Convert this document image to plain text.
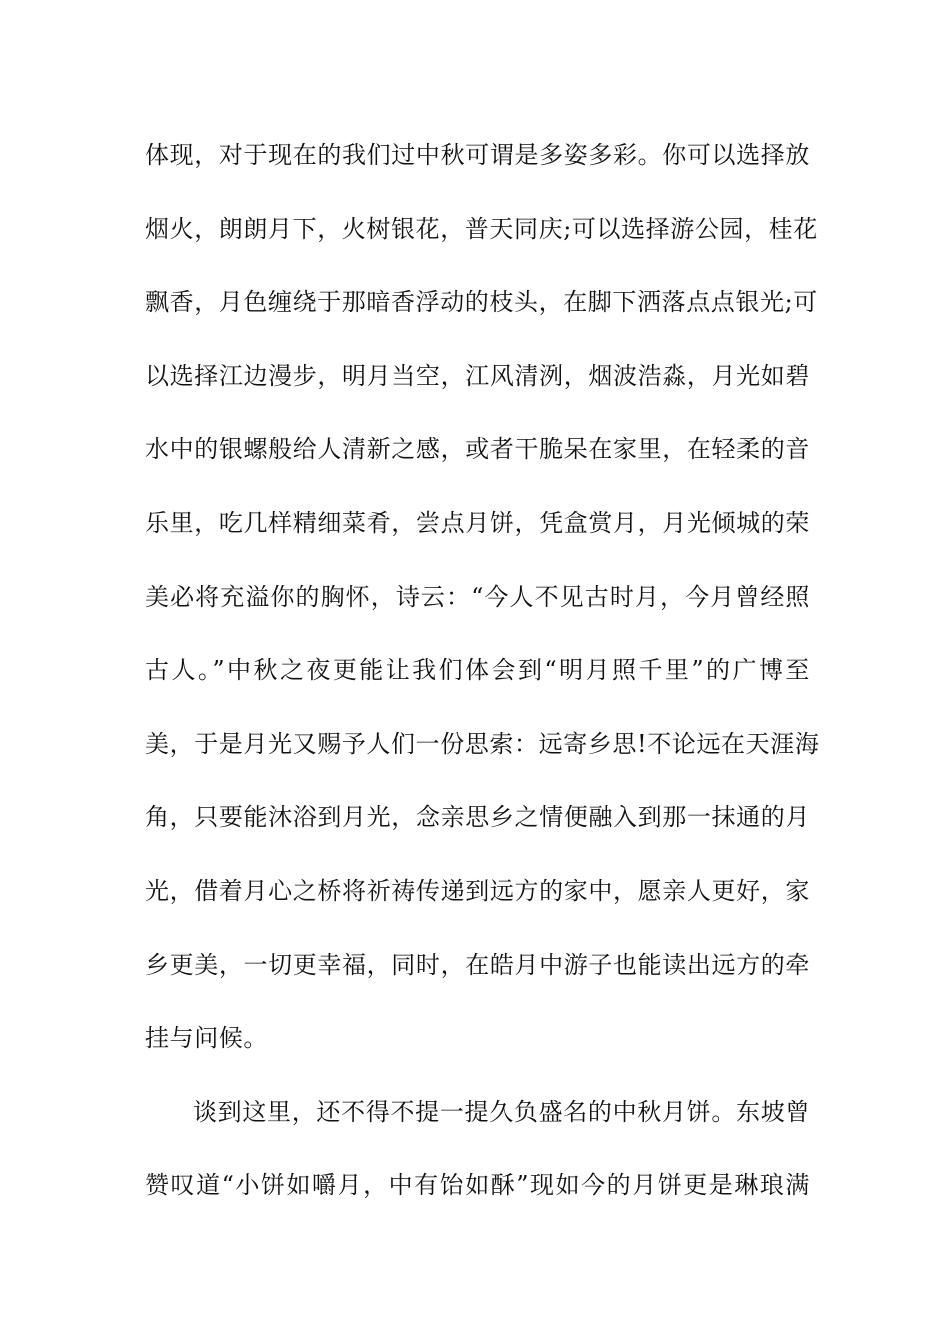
体现，对于现在的我们过中秋可谓是多姿多彩。你可以选择放
烟火，朗朗月下，火树银花，普天同庆;可以选择游公园，桂花
飘香，月色缠绕于那暗香浮动的枝头，在脚下洒落点点银光;可
以选择江边漫步，明月当空，江风清洌，烟波浩淼，月光如碧
水中的银螺般给人清新之感，或者干脆呆在家里，在轻柔的音
乐里，吃几样精细菜肴，尝点月饼，凭盒赏月，月光倾城的荣
美必将充溢你的胸怀，诗云：“今人不见古时月，今月曾经照
古人。”中秋之夜更能让我们体会到“明月照千里”的广博至
美，于是月光又赐予人们一份思索：远寄乡思!不论远在天涯海
角，只要能沐浴到月光，念亲思乡之情便融入到那一抹通的月
光，借着月心之桥将祈祷传递到远方的家中，愿亲人更好，家
乡更美，一切更幸福，同时，在皓月中游子也能读出远方的牵
挂与问候。
谈到这里，还不得不提一提久负盛名的中秋月饼。东坡曾
赞叹道“小饼如嚼月，中有饴如酥”现如今的月饼更是琳琅满
